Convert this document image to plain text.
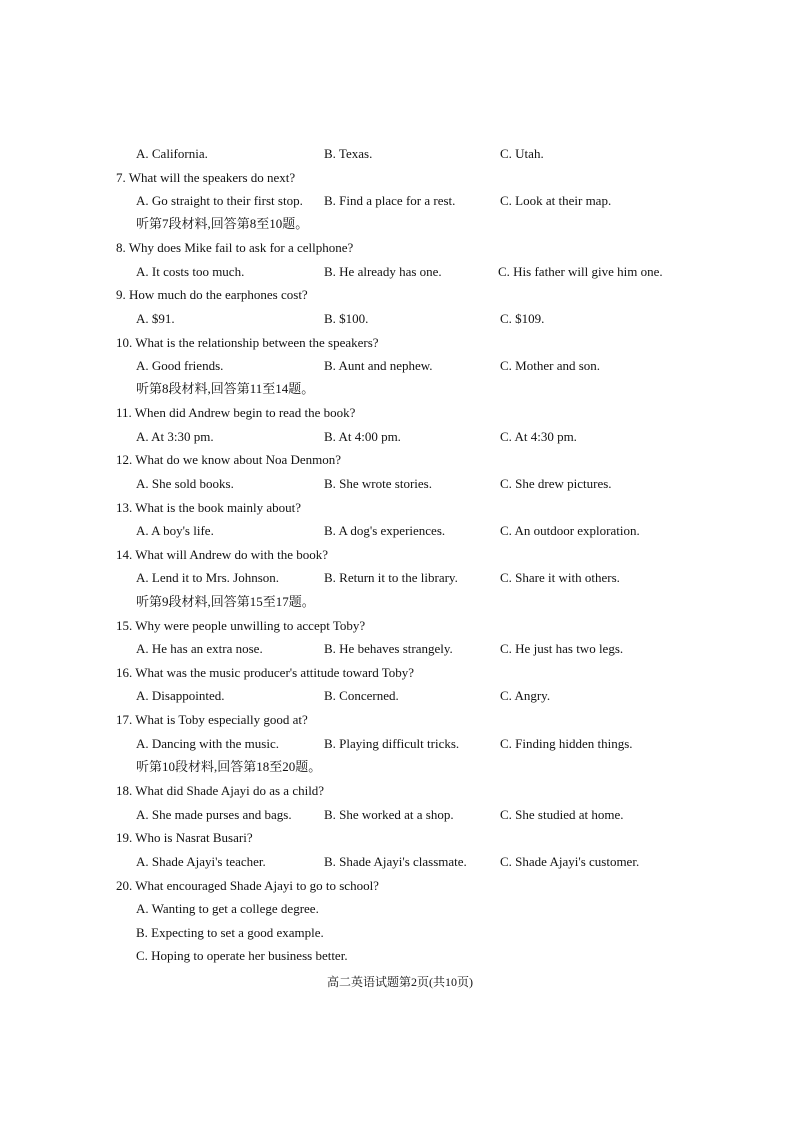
A. California.	B. Texas.	C. Utah.
7. What will the speakers do next?
A. Go straight to their first stop. B. Find a place for a rest.	C. Look at their map.
听第7段材料,回答第8至10题。
8. Why does Mike fail to ask for a cellphone?
A. It costs too much.	B. He already has one.	C. His father will give him one.
9. How much do the earphones cost?
A. $91.	B. $100.	C. $109.
10. What is the relationship between the speakers?
A. Good friends.	B. Aunt and nephew.	C. Mother and son.
听第8段材料,回答第11至14题。
11. When did Andrew begin to read the book?
A. At 3:30 pm.	B. At 4:00 pm.	C. At 4:30 pm.
12. What do we know about Noa Denmon?
A. She sold books.	B. She wrote stories.	C. She drew pictures.
13. What is the book mainly about?
A. A boy's life.	B. A dog's experiences.	C. An outdoor exploration.
14. What will Andrew do with the book?
A. Lend it to Mrs. Johnson.	B. Return it to the library.	C. Share it with others.
听第9段材料,回答第15至17题。
15. Why were people unwilling to accept Toby?
A. He has an extra nose.	B. He behaves strangely.	C. He just has two legs.
16. What was the music producer's attitude toward Toby?
A. Disappointed.	B. Concerned.	C. Angry.
17. What is Toby especially good at?
A. Dancing with the music.	B. Playing difficult tricks.	C. Finding hidden things.
听第10段材料,回答第18至20题。
18. What did Shade Ajayi do as a child?
A. She made purses and bags. B. She worked at a shop.	C. She studied at home.
19. Who is Nasrat Busari?
A. Shade Ajayi's teacher.	B. Shade Ajayi's classmate.	C. Shade Ajayi's customer.
20. What encouraged Shade Ajayi to go to school?
A. Wanting to get a college degree.
B. Expecting to set a good example.
C. Hoping to operate her business better.
高二英语试题第2页(共10页)
